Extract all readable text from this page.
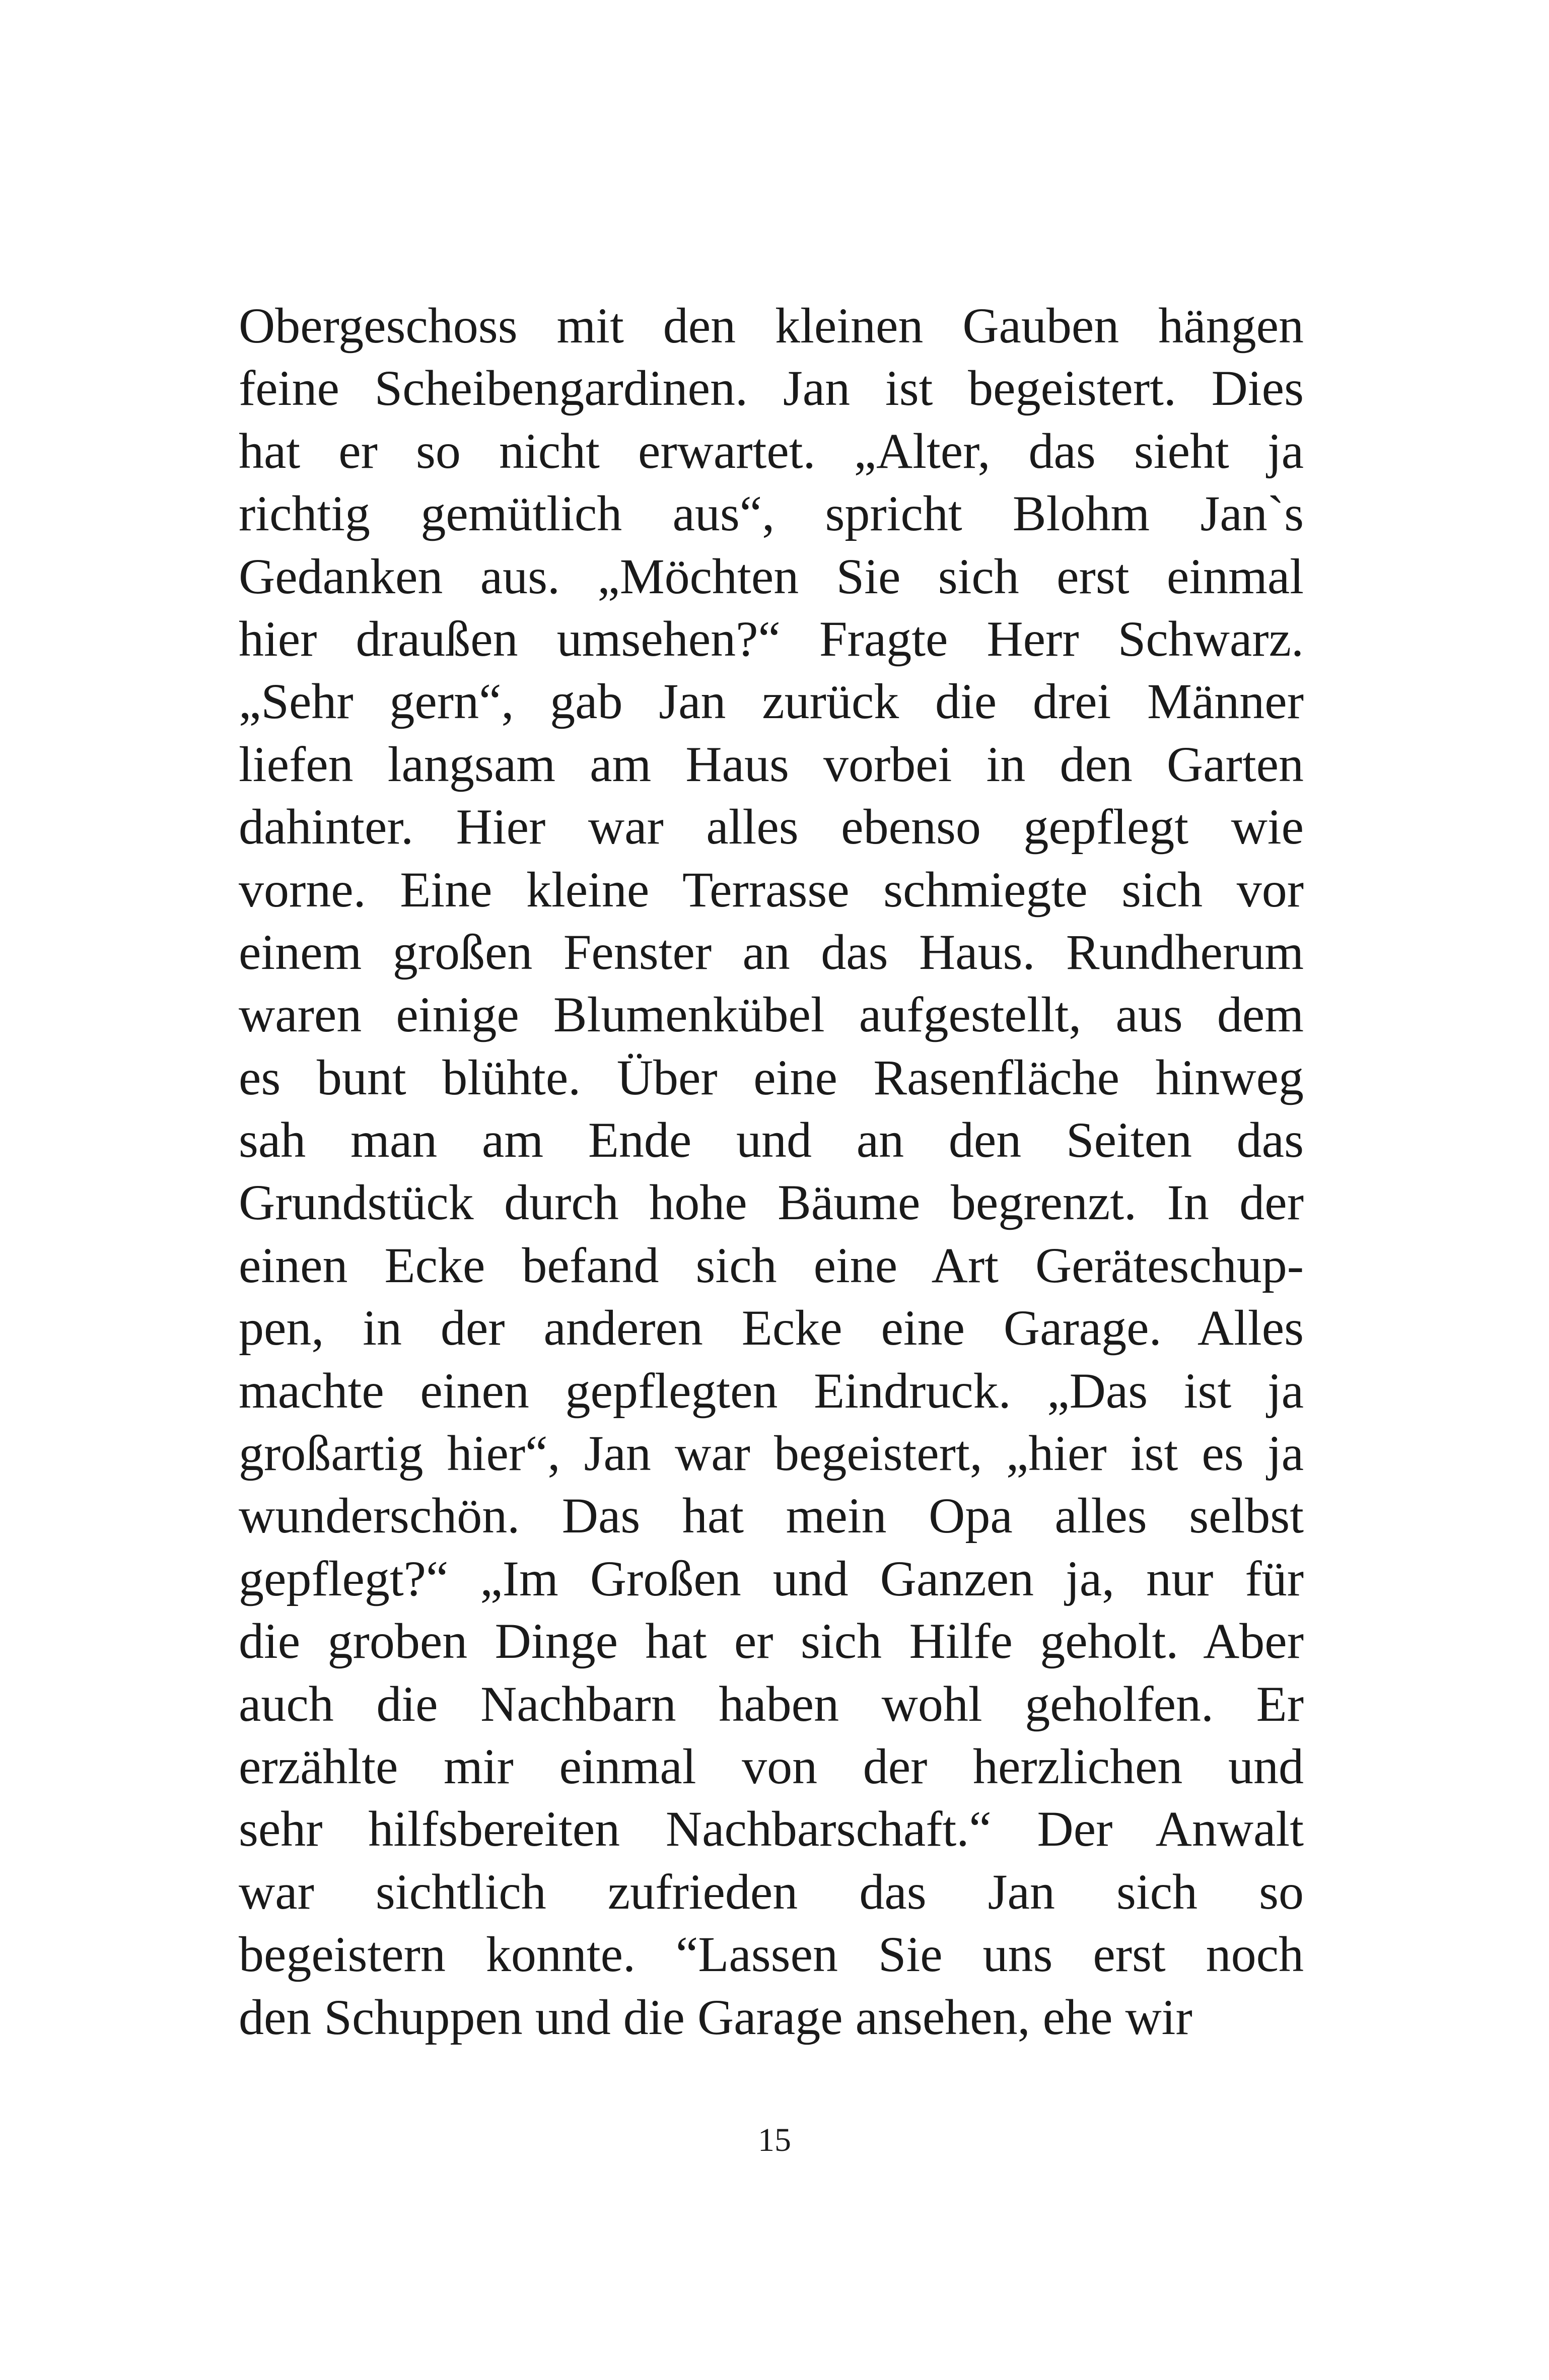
Obergeschoss mit den kleinen Gauben hängen
feine Scheibengardinen. Jan ist begeistert. Dies
hat er so nicht erwartet. „Alter, das sieht ja
richtig gemütlich aus“, spricht Blohm Jan`s
Gedanken aus. „Möchten Sie sich erst einmal
hier draußen umsehen?“ Fragte Herr Schwarz.
„Sehr gern“, gab Jan zurück die drei Männer
liefen langsam am Haus vorbei in den Garten
dahinter. Hier war alles ebenso gepflegt wie
vorne. Eine kleine Terrasse schmiegte sich vor
einem großen Fenster an das Haus. Rundherum
waren einige Blumenkübel aufgestellt, aus dem
es bunt blühte. Über eine Rasenfläche hinweg
sah man am Ende und an den Seiten das
Grundstück durch hohe Bäume begrenzt. In der
einen Ecke befand sich eine Art Geräteschup-
pen, in der anderen Ecke eine Garage. Alles
machte einen gepflegten Eindruck. „Das ist ja
großartig hier“, Jan war begeistert, „hier ist es ja
wunderschön. Das hat mein Opa alles selbst
gepflegt?“ „Im Großen und Ganzen ja, nur für
die groben Dinge hat er sich Hilfe geholt. Aber
auch die Nachbarn haben wohl geholfen. Er
erzählte mir einmal von der herzlichen und
sehr hilfsbereiten Nachbarschaft.“ Der Anwalt
war sichtlich zufrieden das Jan sich so
begeistern konnte. “Lassen Sie uns erst noch
den Schuppen und die Garage ansehen, ehe wir
15
